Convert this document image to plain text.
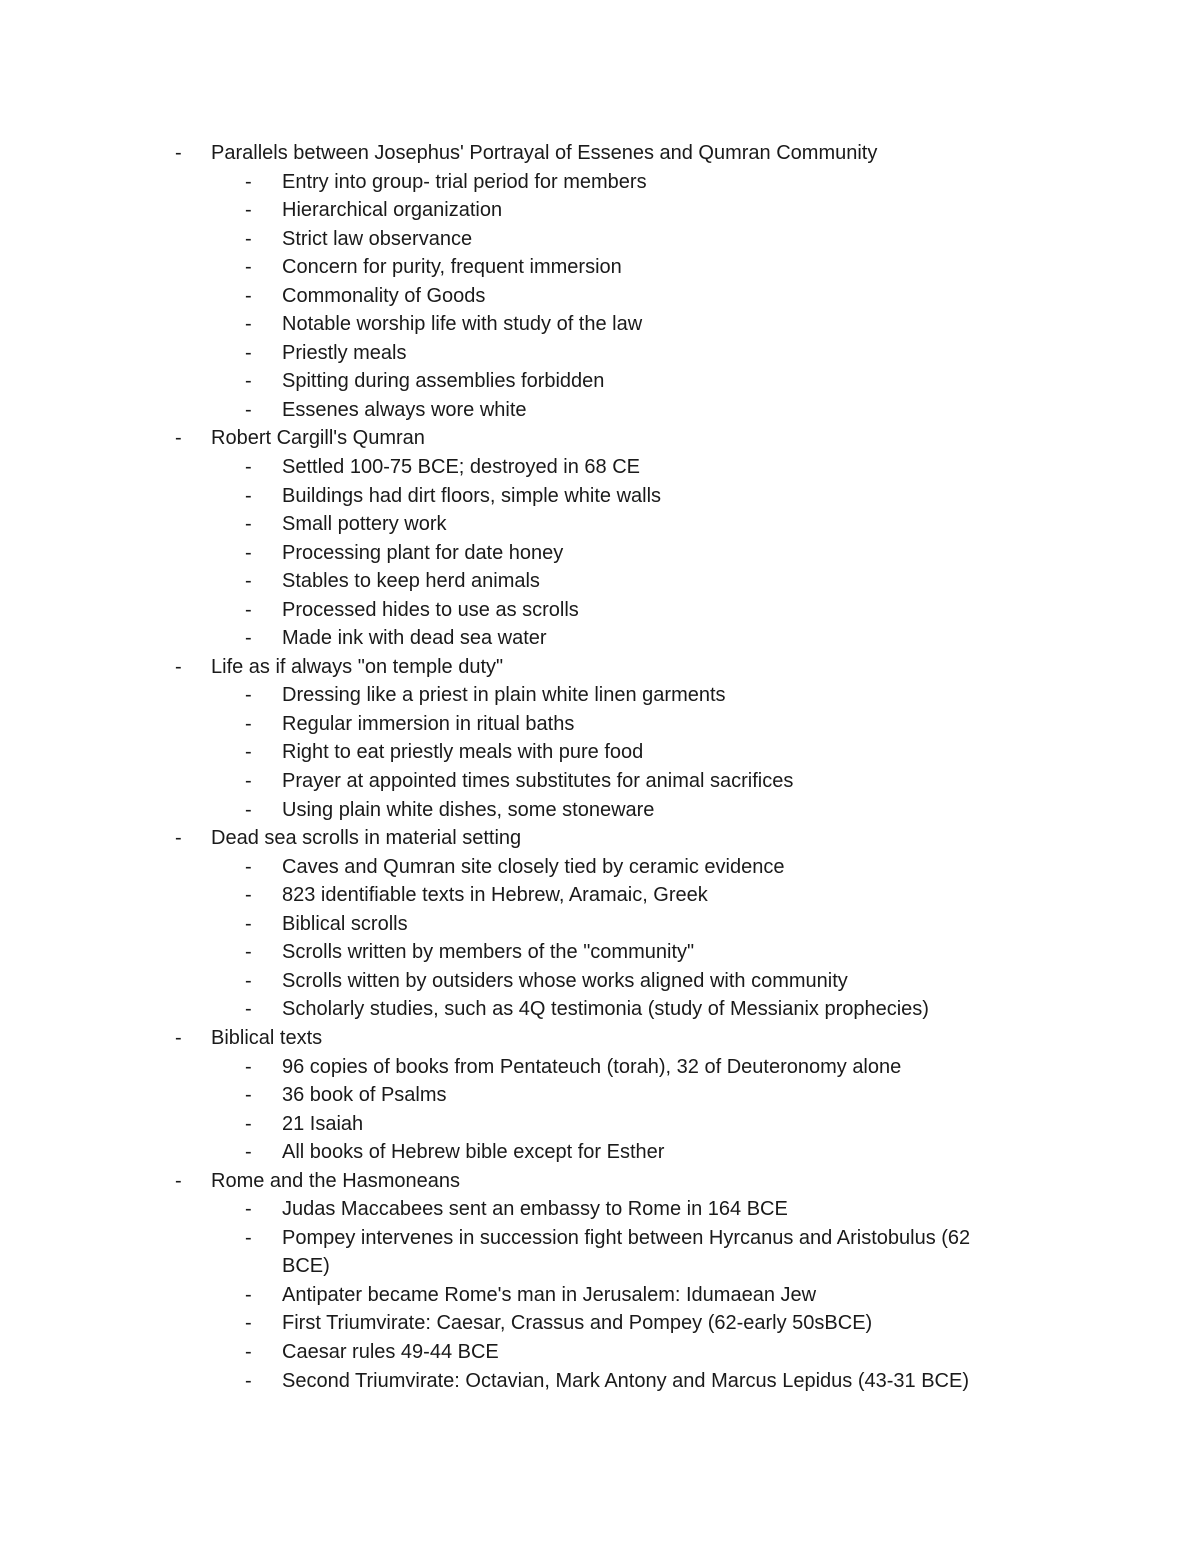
- Parallels between Josephus' Portrayal of Essenes and Qumran Community
- Entry into group- trial period for members
- Hierarchical organization
- Strict law observance
- Concern for purity, frequent immersion
- Commonality of Goods
- Notable worship life with study of the law
- Priestly meals
- Spitting during assemblies forbidden
- Essenes always wore white
- Robert Cargill's Qumran
- Settled 100-75 BCE; destroyed in 68 CE
- Buildings had dirt floors, simple white walls
- Small pottery work
- Processing plant for date honey
- Stables to keep herd animals
- Processed hides to use as scrolls
- Made ink with dead sea water
- Life as if always "on temple duty"
- Dressing like a priest in plain white linen garments
- Regular immersion in ritual baths
- Right to eat priestly meals with pure food
- Prayer at appointed times substitutes for animal sacrifices
- Using plain white dishes, some stoneware
- Dead sea scrolls in material setting
- Caves and Qumran site closely tied by ceramic evidence
- 823 identifiable texts in Hebrew, Aramaic, Greek
- Biblical scrolls
- Scrolls written by members of the "community"
- Scrolls witten by outsiders whose works aligned with community
- Scholarly studies, such as 4Q testimonia (study of Messianix prophecies)
- Biblical texts
- 96 copies of books from Pentateuch (torah), 32 of Deuteronomy alone
- 36 book of Psalms
- 21 Isaiah
- All books of Hebrew bible except for Esther
- Rome and the Hasmoneans
- Judas Maccabees sent an embassy to Rome in 164 BCE
- Pompey intervenes in succession fight between Hyrcanus and Aristobulus (62
BCE)
- Antipater became Rome's man in Jerusalem: Idumaean Jew
- First Triumvirate: Caesar, Crassus and Pompey (62-early 50sBCE)
- Caesar rules 49-44 BCE
- Second Triumvirate: Octavian, Mark Antony and Marcus Lepidus (43-31 BCE)
